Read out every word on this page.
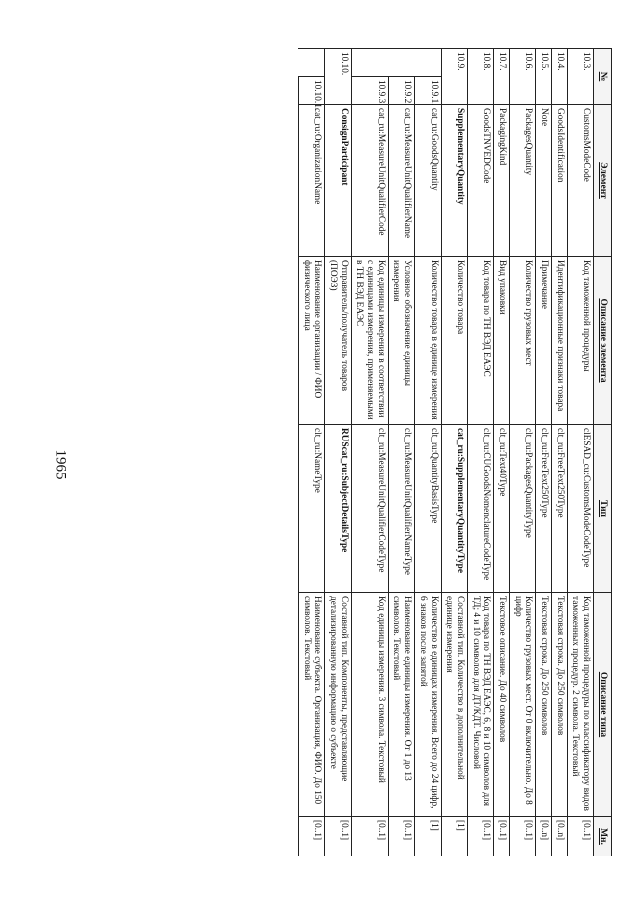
1965
№		Элемент	Описание элемента	Тип	Описание типа	Мн.
10.3.		CustomsModeCode	Код таможенной процедуры	clESAD_cu:CustomsModeCodeType	Код таможенной процедуры по классификатору видов таможенных процедур. 2 символа. Текстовый	[0..1]
10.4.		GoodsIdentification	Идентификационные признаки товара	clt_ru:FreeText250Type	Текстовая строка. До 250 символов	[0..n]
10.5.		Note	Примечание	clt_ru:FreeText250Type	Текстовая строка. До 250 символов	[0..n]
10.6.		PackagesQuantity	Количество грузовых мест	clt_ru:PackagesQuantityType	Количество грузовых мест. От 0 включительно. До 8 цифр	[0..1]
10.7.		PackagingKind	Вид упаковки	clt_ru:Text40Type	Текстовое описание. До 40 символов	[0..1]
10.8.		GoodsTNVEDCode	Код товара по ТН ВЭД ЕАЭС	clt_ru:CUGoodsNomenclatureCodeType	Код товара по ТН ВЭД ЕАЭС, 6, 8 и 10 символов для ТД; 4 и 10 символов для ДТ/КДТ. Числовой	[0..1]
10.9.		SupplementaryQuantity	Количество товара	cat_ru:SupplementaryQuantityType	Составной тип. Количество в дополнительной единице измерения	[1]
	10.9.1.	cat_ru:GoodsQuantity	Количество товара в единице измерения	clt_ru:QuantityBasisType	Количество в единицах измерения. Всего до 24 цифр, 6 знаков после запятой	[1]
	10.9.2.	cat_ru:MeasureUnitQualifierName	Условное обозначение единицы измерения	clt_ru:MeasureUnitQualifierNameType	Наименование единицы измерения. От 1 до 13 символов. Текстовый	[0..1]
	10.9.3.	cat_ru:MeasureUnitQualifierCode	Код единицы измерения в соответствии с единицами измерения, применяемыми в ТН ВЭД ЕАЭС	clt_ru:MeasureUnitQualifierCodeType	Код единицы измерения. 3 символа. Текстовый	[0..1]
10.10.		ConsignParticipant	Отправитель/получатель товаров (ПОЭЗ)	RUScat_ru:SubjectDetailsType	Составной тип. Компоненты, представляющие детализированную информацию о субъекте	[0..1]
	10.10.1.	cat_ru:OrganizationName	Наименование организации / ФИО физического лица	clt_ru:NameType	Наименование субъекта. Организация, ФИО. До 150 символов. Текстовый	[0..1]
